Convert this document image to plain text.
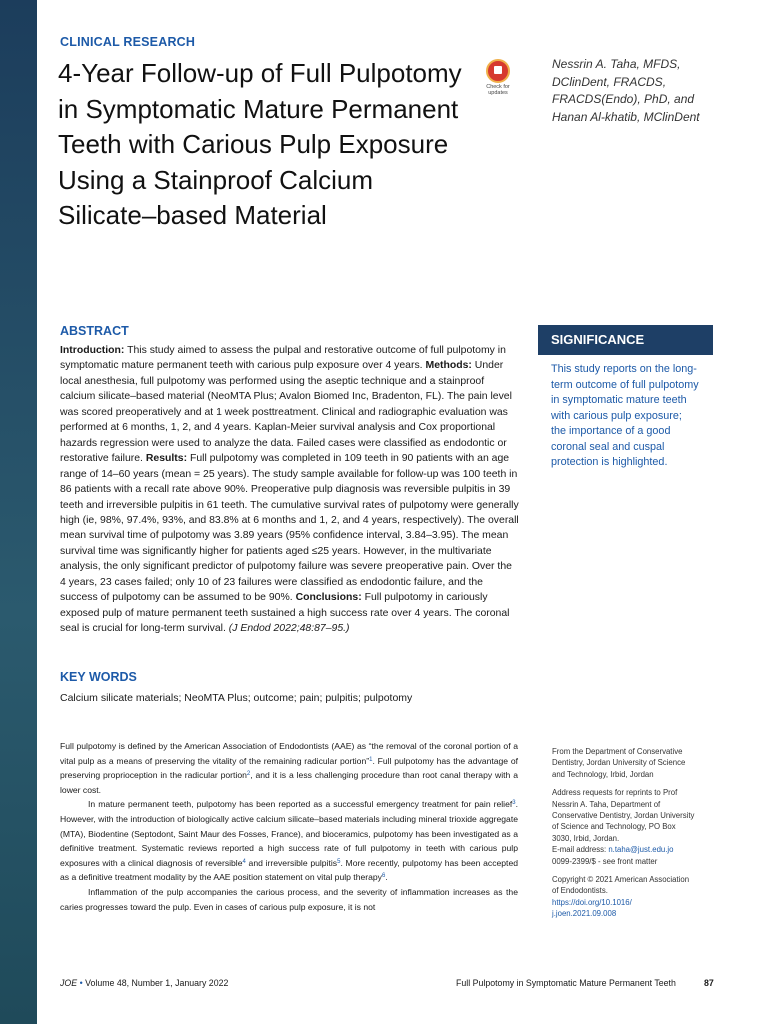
CLINICAL RESEARCH
4-Year Follow-up of Full Pulpotomy in Symptomatic Mature Permanent Teeth with Carious Pulp Exposure Using a Stainproof Calcium Silicate–based Material
Check for
updates
Nessrin A. Taha, MFDS,
DClinDent, FRACDS,
FRACDS(Endo), PhD, and
Hanan Al-khatib, MClinDent
ABSTRACT
Introduction: This study aimed to assess the pulpal and restorative outcome of full pulpotomy in symptomatic mature permanent teeth with carious pulp exposure over 4 years. Methods: Under local anesthesia, full pulpotomy was performed using the aseptic technique and a stainproof calcium silicate–based material (NeoMTA Plus; Avalon Biomed Inc, Bradenton, FL). The pain level was scored preoperatively and at 1 week posttreatment. Clinical and radiographic evaluation was performed at 6 months, 1, 2, and 4 years. Kaplan-Meier survival analysis and Cox proportional hazards regression were used to analyze the data. Failed cases were classified as endodontic or restorative failure. Results: Full pulpotomy was completed in 109 teeth in 90 patients with an age range of 14–60 years (mean = 25 years). The study sample available for follow-up was 100 teeth in 86 patients with a recall rate above 90%. Preoperative pulp diagnosis was reversible pulpitis in 39 teeth and irreversible pulpitis in 61 teeth. The cumulative survival rates of pulpotomy were generally high (ie, 98%, 97.4%, 93%, and 83.8% at 6 months and 1, 2, and 4 years, respectively). The overall mean survival time of pulpotomy was 3.89 years (95% confidence interval, 3.84–3.95). The mean survival time was significantly higher for patients aged ≤25 years. However, in the multivariate analysis, the only significant predictor of pulpotomy failure was severe preoperative pain. Over the 4 years, 23 cases failed; only 10 of 23 failures were classified as endodontic failure, and the success of pulpotomy can be assumed to be 90%. Conclusions: Full pulpotomy in cariously exposed pulp of mature permanent teeth sustained a high success rate over 4 years. The coronal seal is crucial for long-term survival. (J Endod 2022;48:87–95.)
SIGNIFICANCE
This study reports on the long-
term outcome of full pulpotomy
in symptomatic mature teeth
with carious pulp exposure;
the importance of a good
coronal seal and cuspal
protection is highlighted.
KEY WORDS
Calcium silicate materials; NeoMTA Plus; outcome; pain; pulpitis; pulpotomy

Full pulpotomy is defined by the American Association of Endodontists (AAE) as “the removal of the coronal portion of a vital pulp as a means of preserving the vitality of the remaining radicular portion”$^1$. Full pulpotomy has the advantage of preserving proprioception in the radicular portion$^2$, and it is a less challenging procedure than root canal therapy with a lower cost.

In mature permanent teeth, pulpotomy has been reported as a successful emergency treatment for pain relief$^3$. However, with the introduction of biologically active calcium silicate–based materials including mineral trioxide aggregate (MTA), Biodentine (Septodont, Saint Maur des Fosses, France), and bioceramics, pulpotomy has been investigated as a definitive treatment. Systematic reviews reported a high success rate of full pulpotomy in teeth with carious pulp exposures with a clinical diagnosis of reversible$^4$ and irreversible pulpitis$^5$. More recently, pulpotomy has been accepted as a definitive treatment modality by the AAE position statement on vital pulp therapy$^6$.

Inflammation of the pulp accompanies the carious process, and the severity of inflammation increases as the caries progresses toward the pulp. Even in cases of carious pulp exposure, it is not

From the Department of Conservative
Dentistry, Jordan University of Science
and Technology, Irbid, Jordan
Address requests for reprints to Prof
Nessrin A. Taha, Department of
Conservative Dentistry, Jordan University
of Science and Technology, PO Box
3030, Irbid, Jordan.
E-mail address: n.taha@just.edu.jo
0099-2399/$ - see front matter
Copyright © 2021 American Association
of Endodontists.
https://doi.org/10.1016/
j.joen.2021.09.008
JOE • Volume 48, Number 1, January 2022	Full Pulpotomy in Symptomatic Mature Permanent Teeth	87
